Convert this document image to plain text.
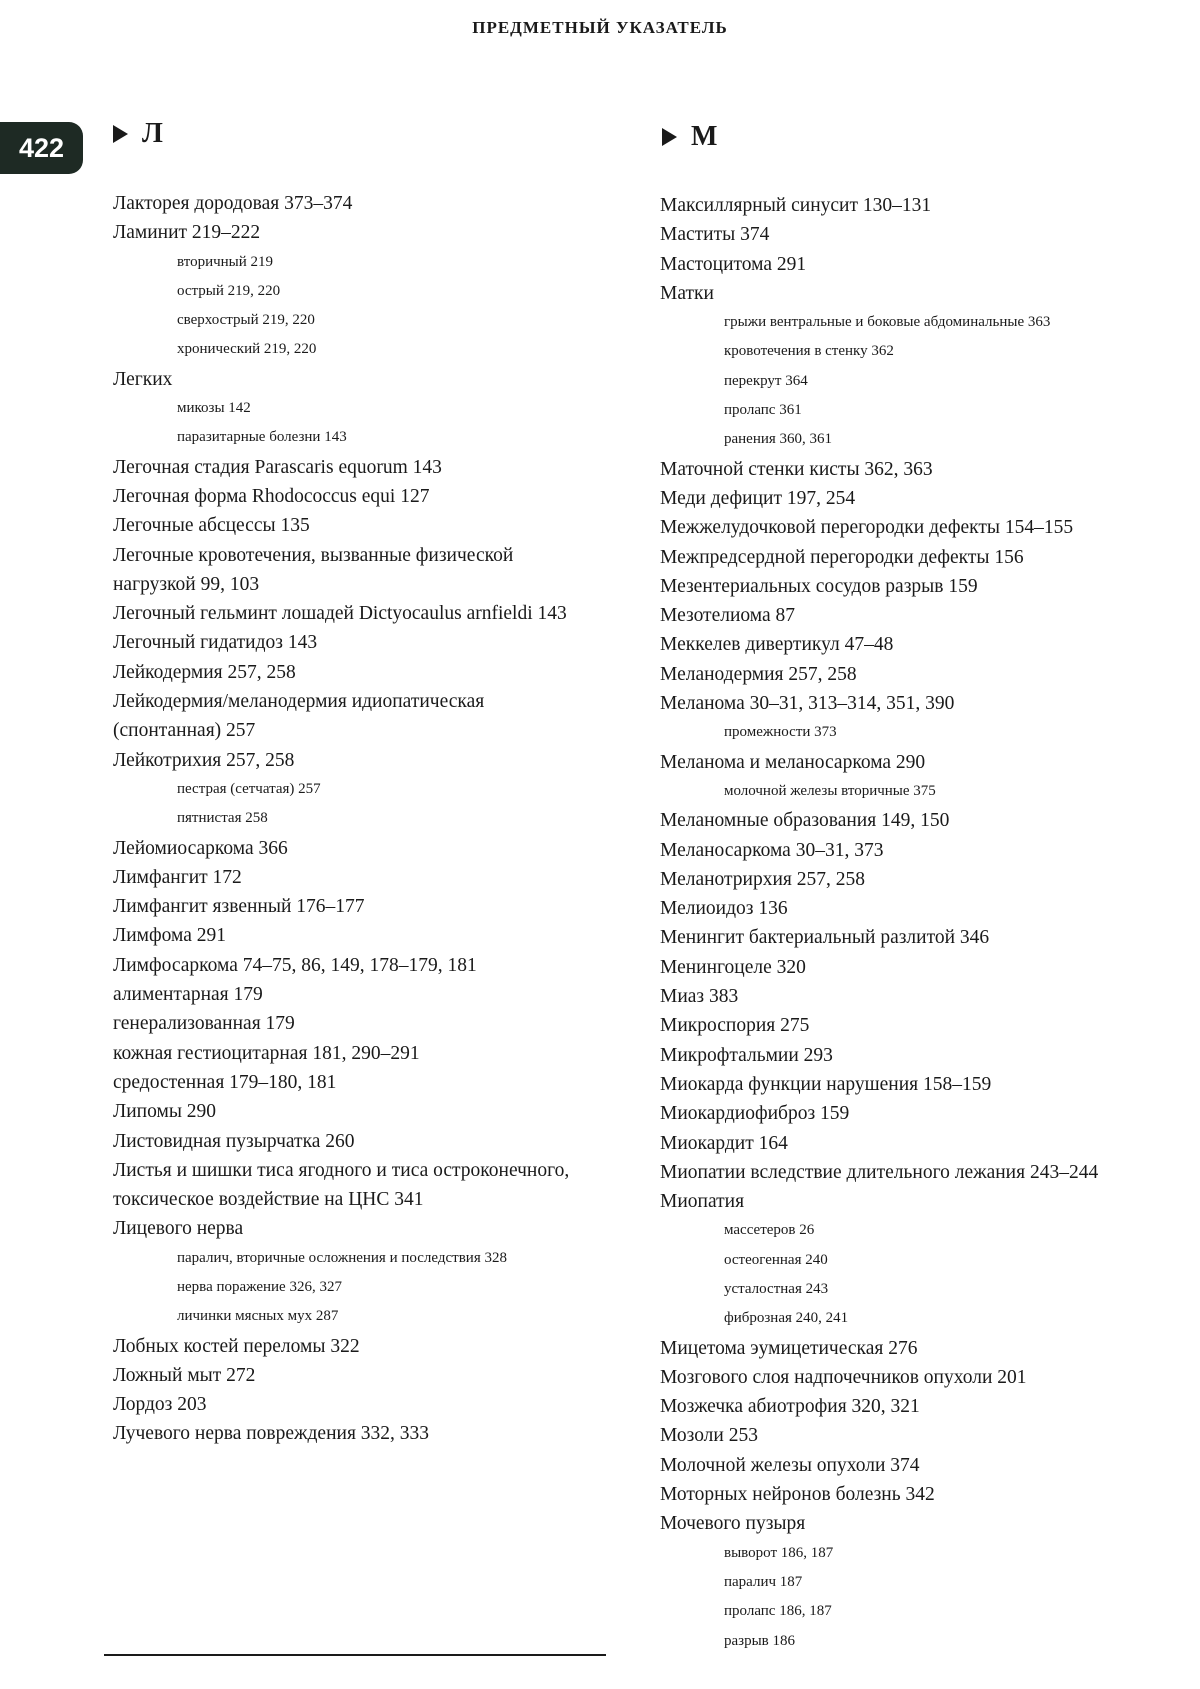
ПРЕДМЕТНЫЙ УКАЗАТЕЛЬ
422	Л	М
Лакторея дородовая 373–374
Ламинит 219–222
вторичный 219
острый 219, 220
сверхострый 219, 220
хронический 219, 220
Легких
микозы 142
паразитарные болезни 143
Легочная стадия Parascaris equorum 143
Легочная форма Rhodococcus equi 127
Легочные абсцессы 135
Легочные кровотечения, вызванные физической
нагрузкой 99, 103
Легочный гельминт лошадей Dictyocaulus arnfieldi 143
Легочный гидатидоз 143
Лейкодермия 257, 258
Лейкодермия/меланодермия идиопатическая
(спонтанная) 257
Лейкотрихия 257, 258
пестрая (сетчатая) 257
пятнистая 258
Лейомиосаркома 366
Лимфангит 172
Лимфангит язвенный 176–177
Лимфома 291
Лимфосаркома 74–75, 86, 149, 178–179, 181
алиментарная 179
генерализованная 179
кожная гестиоцитарная 181, 290–291
средостенная 179–180, 181
Липомы 290
Листовидная пузырчатка 260
Листья и шишки тиса ягодного и тиса остроконечного,
токсическое воздействие на ЦНС 341
Лицевого нерва
паралич, вторичные осложнения и последствия 328
нерва поражение 326, 327
личинки мясных мух 287
Лобных костей переломы 322
Ложный мыт 272
Лордоз 203
Лучевого нерва повреждения 332, 333
Максиллярный синусит 130–131
Маститы 374
Мастоцитома 291
Матки
грыжи вентральные и боковые абдоминальные 363
кровотечения в стенку 362
перекрут 364
пролапс 361
ранения 360, 361
Маточной стенки кисты 362, 363
Меди дефицит 197, 254
Межжелудочковой перегородки дефекты 154–155
Межпредсердной перегородки дефекты 156
Мезентериальных сосудов разрыв 159
Мезотелиома 87
Меккелев дивертикул 47–48
Меланодермия 257, 258
Меланома 30–31, 313–314, 351, 390
промежности 373
Меланома и меланосаркома 290
молочной железы вторичные 375
Меланомные образования 149, 150
Меланосаркома 30–31, 373
Меланотрирхия 257, 258
Мелиоидоз 136
Менингит бактериальный разлитой 346
Менингоцеле 320
Миаз 383
Микроспория 275
Микрофтальмии 293
Миокарда функции нарушения 158–159
Миокардиофиброз 159
Миокардит 164
Миопатии вследствие длительного лежания 243–244
Миопатия
массетеров 26
остеогенная 240
усталостная 243
фиброзная 240, 241
Мицетома эумицетическая 276
Мозгового слоя надпочечников опухоли 201
Мозжечка абиотрофия 320, 321
Мозоли 253
Молочной железы опухоли 374
Моторных нейронов болезнь 342
Мочевого пузыря
выворот 186, 187
паралич 187
пролапс 186, 187
разрыв 186
